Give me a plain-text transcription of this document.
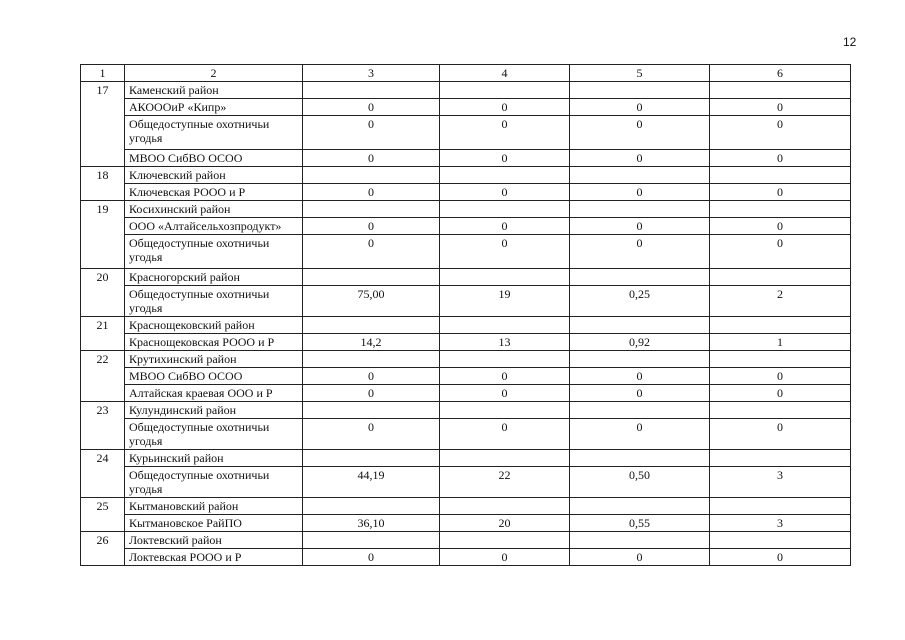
12
1	2	3	4	5	6
17	Каменский район				
	АКОООиР «Кипр»	0	0	0	0
	Общедоступные охотничьи угодья	0	0	0	0
	МВОО СибВО ОСОО	0	0	0	0
18	Ключевский район				
	Ключевская РООО и Р	0	0	0	0
19	Косихинский район				
	ООО «Алтайсельхозпродукт»	0	0	0	0
	Общедоступные охотничьи угодья	0	0	0	0
20	Красногорский район				
	Общедоступные охотничьи угодья	75,00	19	0,25	2
21	Краснощековский район				
	Краснощековская РООО и Р	14,2	13	0,92	1
22	Крутихинский район				
	МВОО СибВО ОСОО	0	0	0	0
	Алтайская краевая ООО и Р	0	0	0	0
23	Кулундинский район				
	Общедоступные охотничьи угодья	0	0	0	0
24	Курьинский район				
	Общедоступные охотничьи угодья	44,19	22	0,50	3
25	Кытмановский район				
	Кытмановское РайПО	36,10	20	0,55	3
26	Локтевский район				
	Локтевская РООО и Р	0	0	0	0
